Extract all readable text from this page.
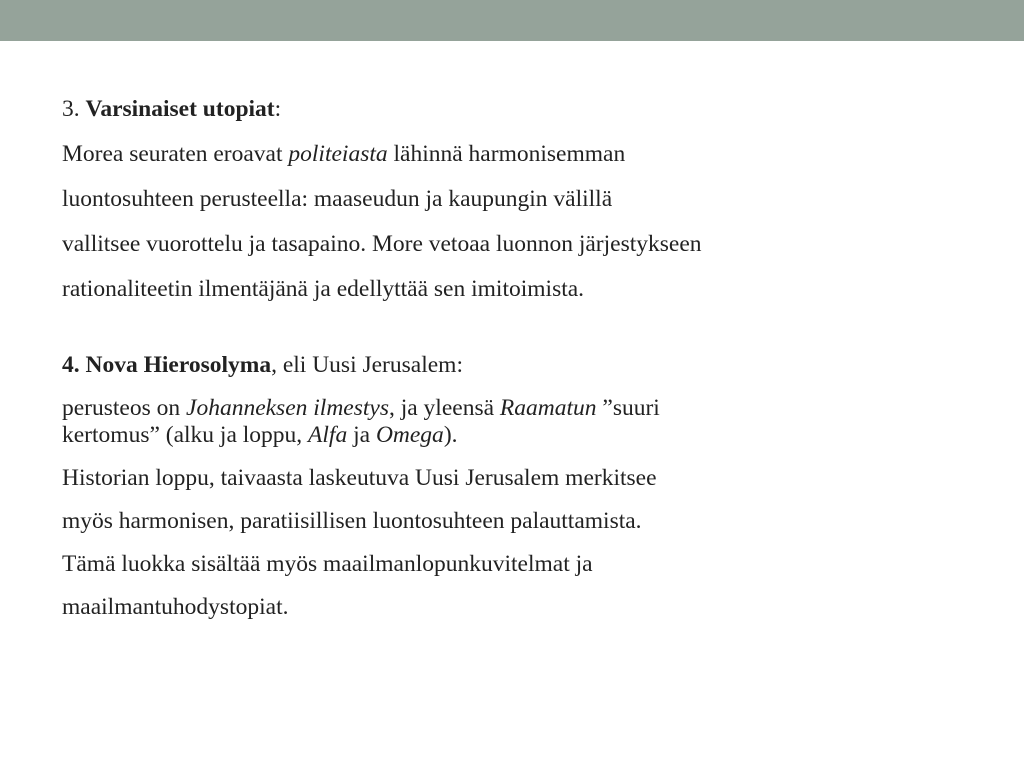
3. Varsinaiset utopiat:
Morea seuraten eroavat politeiasta lähinnä harmonisemman
luontosuhteen perusteella: maaseudun ja kaupungin välillä
vallitsee vuorottelu ja tasapaino. More vetoaa luonnon järjestykseen
rationaliteetin ilmentäjänä ja edellyttää sen imitoimista.
4. Nova Hierosolyma, eli Uusi Jerusalem:
perusteos on Johanneksen ilmestys, ja yleensä Raamatun ”suuri
kertomus” (alku ja loppu, Alfa ja Omega).
Historian loppu, taivaasta laskeutuva Uusi Jerusalem merkitsee
myös harmonisen, paratiisillisen luontosuhteen palauttamista.
Tämä luokka sisältää myös maailmanlopunkuvitelmat ja
maailmantuhodystopiat.
